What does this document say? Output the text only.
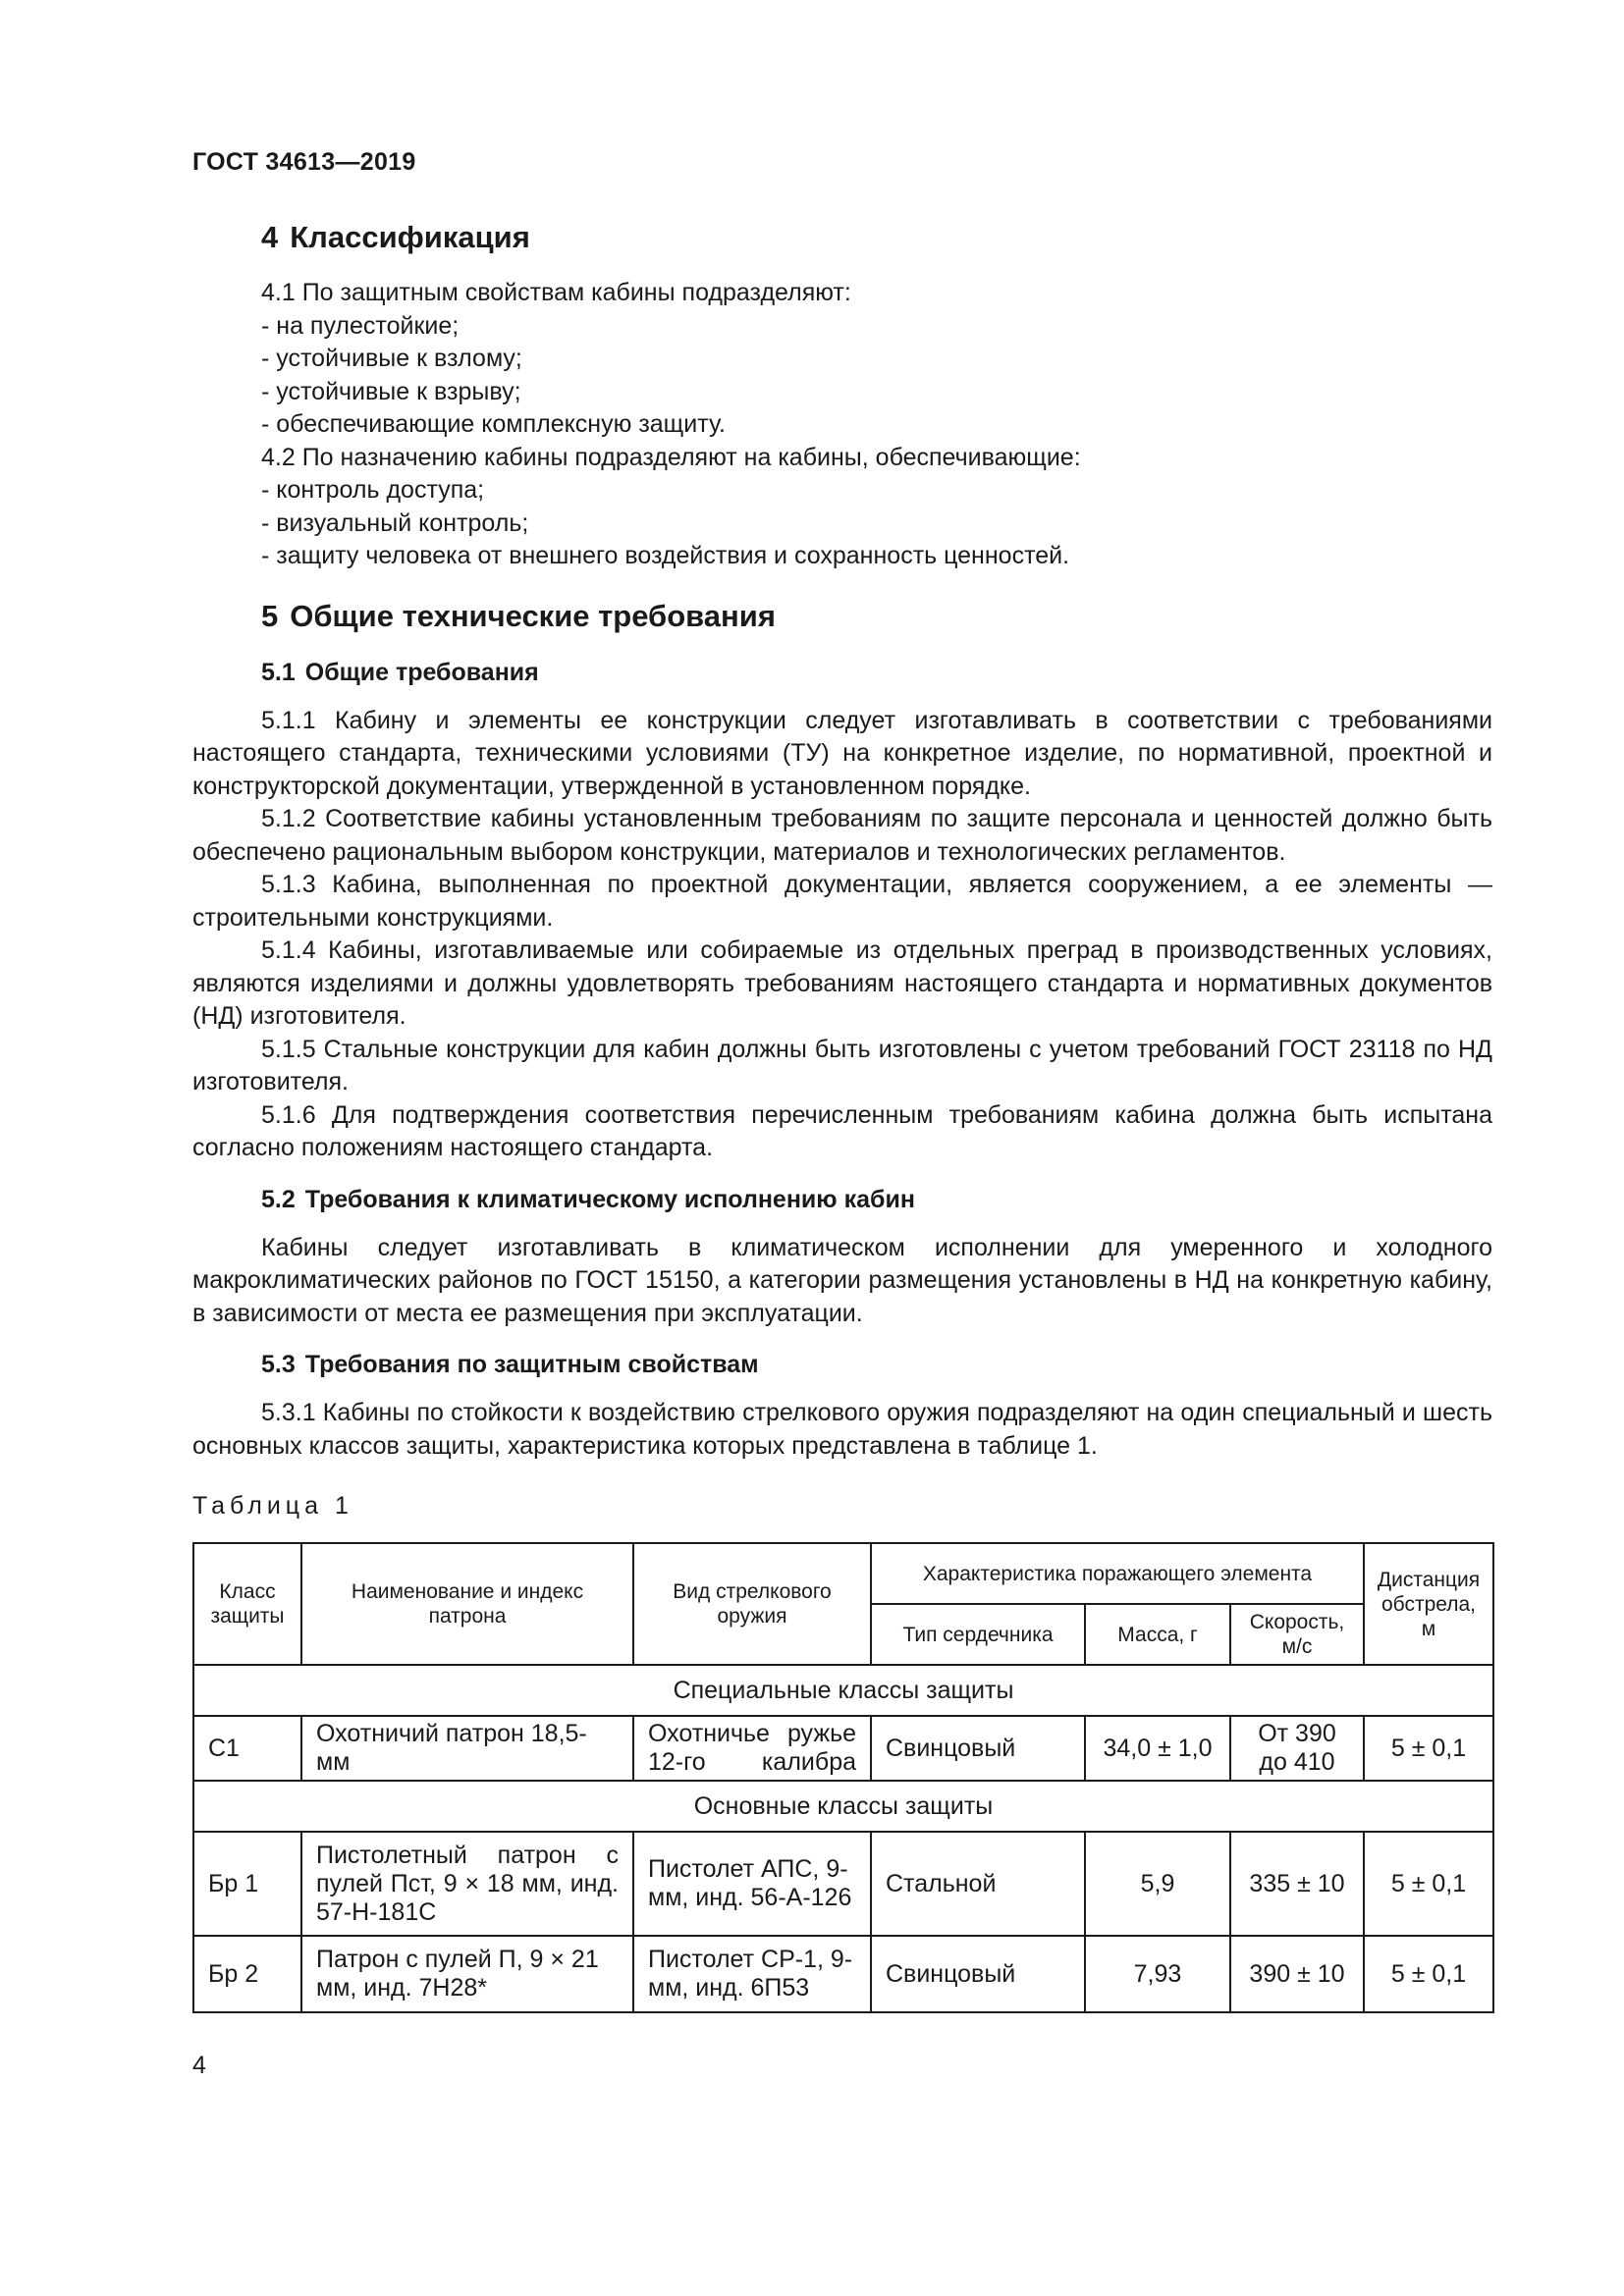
ГОСТ 34613—2019
4 Классификация

4.1 По защитным свойствам кабины подразделяют:

- на пулестойкие;

- устойчивые к взлому;

- устойчивые к взрыву;

- обеспечивающие комплексную защиту.

4.2 По назначению кабины подразделяют на кабины, обеспечивающие:

- контроль доступа;

- визуальный контроль;

- защиту человека от внешнего воздействия и сохранность ценностей.

5 Общие технические требования
5.1 Общие требования

5.1.1 Кабину и элементы ее конструкции следует изготавливать в соответствии с требованиями настоящего стандарта, техническими условиями (ТУ) на конкретное изделие, по нормативной, проектной и конструкторской документации, утвержденной в установленном порядке.

5.1.2 Соответствие кабины установленным требованиям по защите персонала и ценностей должно быть обеспечено рациональным выбором конструкции, материалов и технологических регламентов.

5.1.3 Кабина, выполненная по проектной документации, является сооружением, а ее элементы — строительными конструкциями.

5.1.4 Кабины, изготавливаемые или собираемые из отдельных преград в производственных условиях, являются изделиями и должны удовлетворять требованиям настоящего стандарта и нормативных документов (НД) изготовителя.

5.1.5 Стальные конструкции для кабин должны быть изготовлены с учетом требований ГОСТ 23118 по НД изготовителя.

5.1.6 Для подтверждения соответствия перечисленным требованиям кабина должна быть испытана согласно положениям настоящего стандарта.

5.2 Требования к климатическому исполнению кабин

Кабины следует изготавливать в климатическом исполнении для умеренного и холодного макроклиматических районов по ГОСТ 15150, а категории размещения установлены в НД на конкретную кабину, в зависимости от места ее размещения при эксплуатации.

5.3 Требования по защитным свойствам

5.3.1 Кабины по стойкости к воздействию стрелкового оружия подразделяют на один специальный и шесть основных классов защиты, характеристика которых представлена в таблице 1.

Таблица 1

Класс защиты	Наименование и индекс патрона	Вид стрелкового оружия	Характеристика поражающего элемента			Дистанция обстрела, м
			Тип сердечника	Масса, г	Скорость, м/с	
Специальные классы защиты						
С1	Охотничий патрон 18,5-мм	Охотничье ружье 12-го калибра	Свинцовый	34,0 ± 1,0	От 390 до 410	5 ± 0,1
Основные классы защиты						
Бр 1	Пистолетный патрон с пулей Пст, 9 × 18 мм, инд. 57-Н-181С	Пистолет АПС, 9-мм, инд. 56-А-126	Стальной	5,9	335 ± 10	5 ± 0,1
Бр 2	Патрон с пулей П, 9 × 21 мм, инд. 7Н28*	Пистолет СР-1, 9-мм, инд. 6П53	Свинцовый	7,93	390 ± 10	5 ± 0,1
4
